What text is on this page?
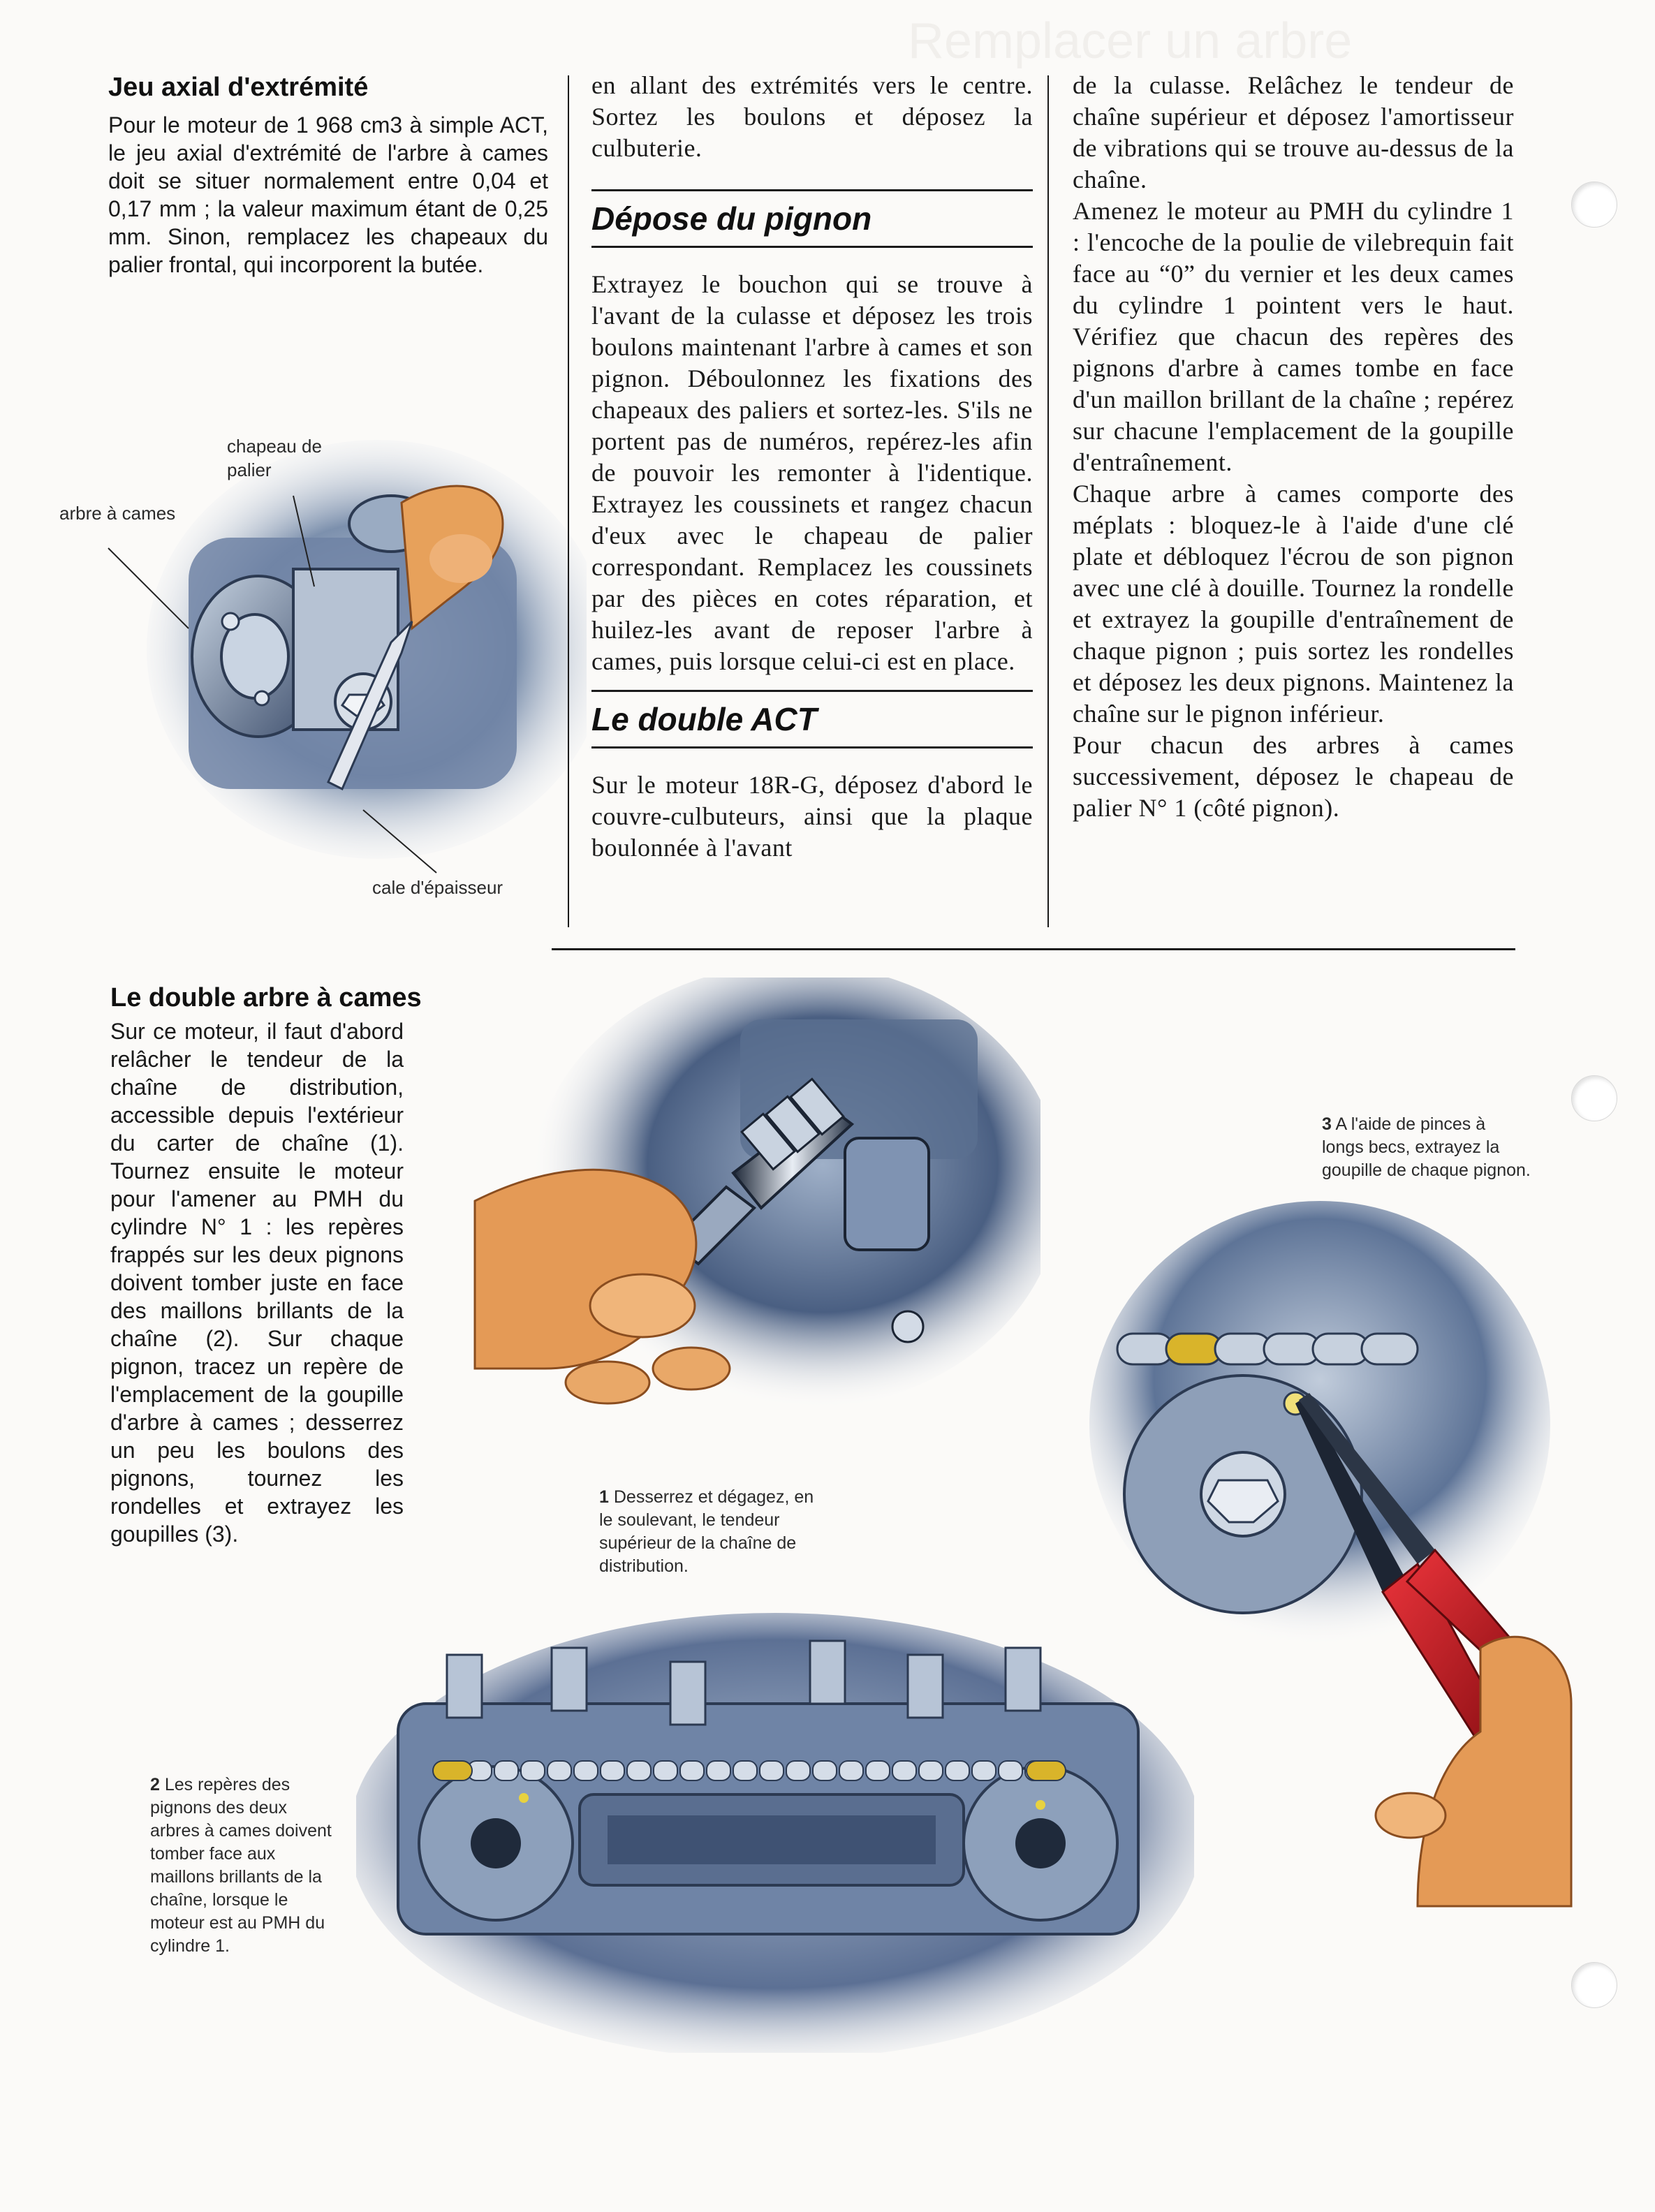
Remplacer un arbre
Jeu axial d'extrémité

Pour le moteur de 1 968 cm3 à simple ACT, le jeu axial d'extrémité de l'arbre à cames doit se situer normalement entre 0,04 et 0,17 mm ; la valeur maximum étant de 0,25 mm. Sinon, remplacez les chapeaux du palier frontal, qui incorporent la butée.

chapeau de palier
arbre à cames
cale d'épaisseur

en allant des extrémités vers le centre. Sortez les boulons et déposez la culbuterie.

Dépose du pignon

Extrayez le bouchon qui se trouve à l'avant de la culasse et déposez les trois boulons maintenant l'arbre à cames et son pignon. Déboulonnez les fixations des chapeaux des paliers et sortez-les. S'ils ne portent pas de numéros, repérez-les afin de pouvoir les remonter à l'identique. Extrayez les coussinets et rangez chacun d'eux avec le chapeau de palier correspondant. Remplacez les coussinets par des pièces en cotes réparation, et huilez-les avant de reposer l'arbre à cames, puis lorsque celui-ci est en place.

Le double ACT

Sur le moteur 18R-G, déposez d'abord le couvre-culbuteurs, ainsi que la plaque boulonnée à l'avant

de la culasse. Relâchez le tendeur de chaîne supérieur et déposez l'amortisseur de vibrations qui se trouve au-dessus de la chaîne.

Amenez le moteur au PMH du cylindre 1 : l'encoche de la poulie de vilebrequin fait face au “0” du vernier et les deux cames du cylindre 1 pointent vers le haut. Vérifiez que chacun des repères des pignons d'arbre à cames tombe en face d'un maillon brillant de la chaîne ; repérez sur chacune l'emplacement de la goupille d'entraînement.

Chaque arbre à cames comporte des méplats : bloquez-le à l'aide d'une clé plate et débloquez l'écrou de son pignon avec une clé à douille. Tournez la rondelle et extrayez la goupille d'entraînement de chaque pignon ; puis sortez les rondelles et déposez les deux pignons. Maintenez la chaîne sur le pignon inférieur.

Pour chacun des arbres à cames successivement, déposez le chapeau de palier N° 1 (côté pignon).

Le double arbre à cames

Sur ce moteur, il faut d'abord relâcher le tendeur de la chaîne de distribution, accessible depuis l'extérieur du carter de chaîne (1). Tournez ensuite le moteur pour l'amener au PMH du cylindre N° 1 : les repères frappés sur les deux pignons doivent tomber juste en face des maillons brillants de la chaîne (2). Sur chaque pignon, tracez un repère de l'emplacement de la goupille d'arbre à cames ; desserrez un peu les boulons des pignons, tournez les rondelles et extrayez les goupilles (3).

1 Desserrez et dégagez, en le soulevant, le tendeur supérieur de la chaîne de distribution.

2 Les repères des pignons des deux arbres à cames doivent tomber face aux maillons brillants de la chaîne, lorsque le moteur est au PMH du cylindre 1.

3 A l'aide de pinces à longs becs, extrayez la goupille de chaque pignon.
